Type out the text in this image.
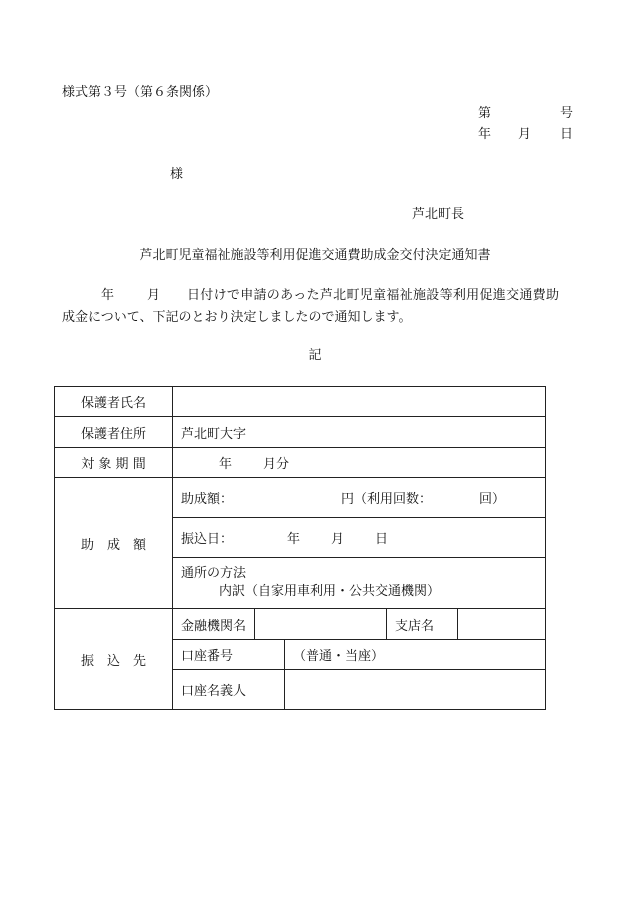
様式第３号（第６条関係）
第	号
年 月 日
様
芦北町長
芦北町児童福祉施設等利用促進交通費助成金交付決定通知書
年	月 日付けで申請のあった芦北町児童福祉施設等利用促進交通費助
成金について、下記のとおり決定しましたので通知します。
記
保護者氏名					
保護者住所	芦北町大字				
対 象 期 間	年 月分				
助　成　額	助成額： 円（利用回数： 回）				
	振込日： 年 月 日				

	通所の方法
内訳（自家用車利用・公共交通機関）				

振　込　先	金融機関名			支店名	
	口座番号		（普通・当座）		
	口座名義人				
